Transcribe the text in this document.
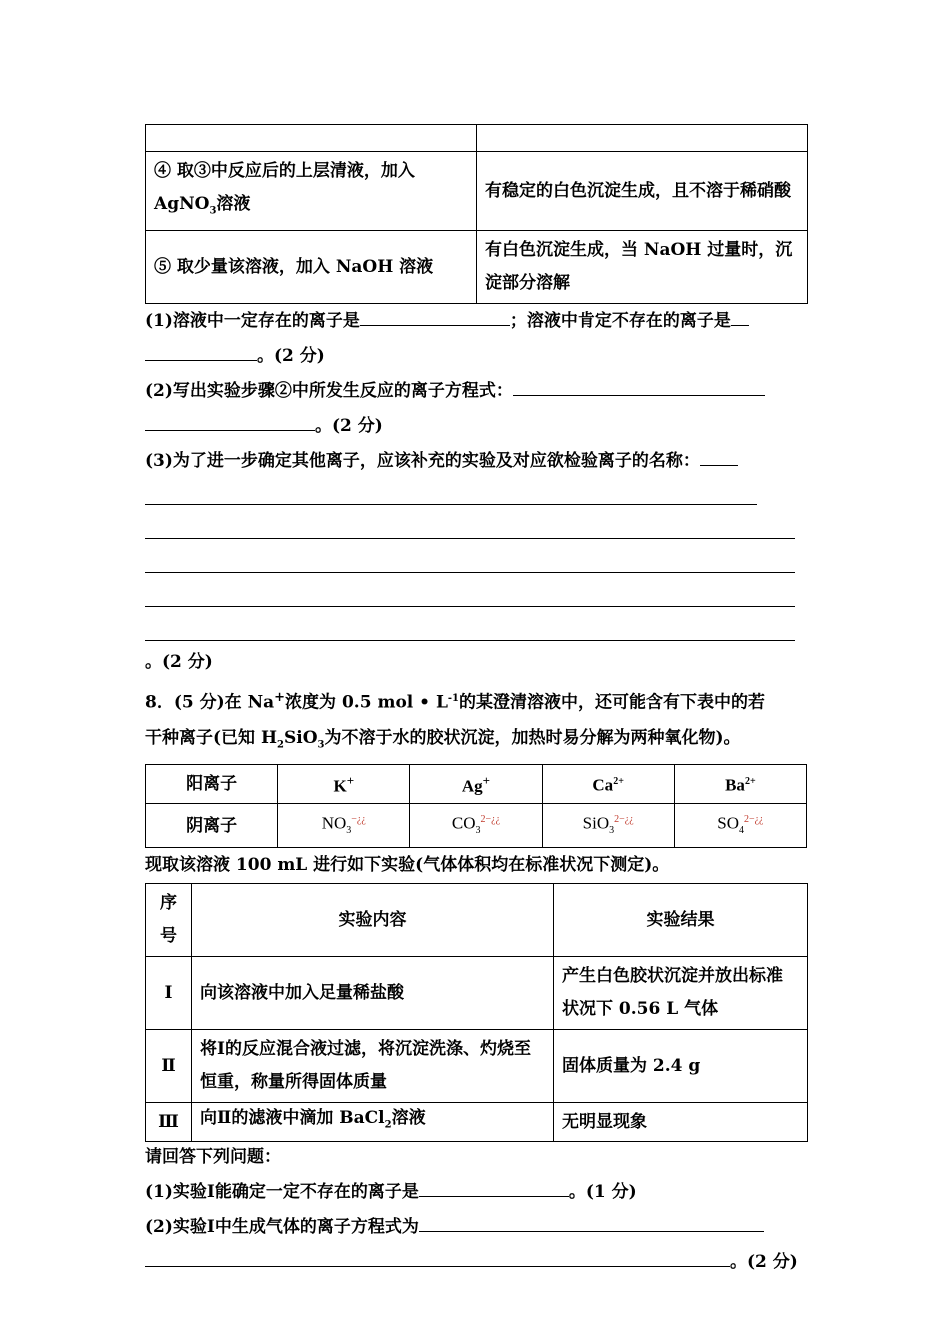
④ 取③中反应后的上层清液，加入
AgNO$_3$溶液	有稳定的白色沉淀生成，且不溶于稀硝酸
⑤ 取少量该溶液，加入 NaOH 溶液	有白色沉淀生成，当 NaOH 过量时，沉淀部分溶解
(1)溶液中一定存在的离子是	；溶液中肯定不存在的离子是
。(2 分)
(2)写出实验步骤②中所发生反应的离子方程式：
。(2 分)
(3)为了进一步确定其他离子，应该补充的实验及对应欲检验离子的名称：
。(2 分)
8．(5 分)在 Na+浓度为 0.5 mol • $L^{-1}$的某澄清溶液中，还可能含有下表中的若
干种离子(已知 $H_2SiO_3$为不溶于水的胶状沉淀，加热时易分解为两种氧化物)。
阳离子	K+	Ag+	$Ca^{2+}$	$Ba^{2+}$
阴离子	$NO_3^{-¿¿}$	$CO_3^{2-¿¿}$	SiO$_3^{2-¿¿}$	$SO_4^{2-¿¿}$
现取该溶液 100 mL 进行如下实验(气体体积均在标准状况下测定)。
序号	实验内容	实验结果
Ⅰ	向该溶液中加入足量稀盐酸	产生白色胶状沉淀并放出标准状况下 0.56 L 气体
Ⅱ	将Ⅰ的反应混合液过滤，将沉淀洗涤、灼烧至恒重，称量所得固体质量	固体质量为 2.4 g
Ⅲ	向Ⅱ的滤液中滴加 BaCl$_2$溶液	无明显现象
请回答下列问题：
(1)实验Ⅰ能确定一定不存在的离子是	。(1 分)
(2)实验Ⅰ中生成气体的离子方程式为
。(2 分)
